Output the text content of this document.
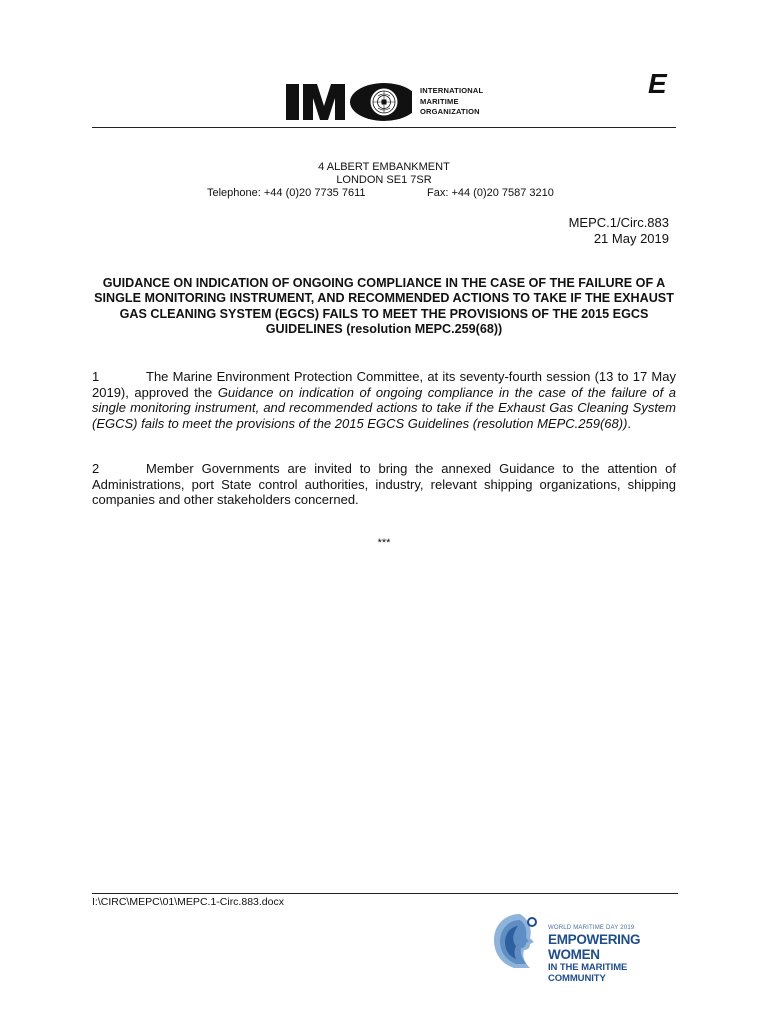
INTERNATIONAL
MARITIME
ORGANIZATION
E
4 ALBERT EMBANKMENT
LONDON SE1 7SR
Telephone: +44 (0)20 7735 7611	Fax: +44 (0)20 7587 3210
MEPC.1/Circ.883
21 May 2019
GUIDANCE ON INDICATION OF ONGOING COMPLIANCE IN THE CASE OF THE FAILURE OF A SINGLE MONITORING INSTRUMENT, AND RECOMMENDED ACTIONS TO TAKE IF THE EXHAUST GAS CLEANING SYSTEM (EGCS) FAILS TO MEET THE PROVISIONS OF THE 2015 EGCS GUIDELINES (resolution MEPC.259(68))
1	The Marine Environment Protection Committee, at its seventy-fourth session (13 to 17 May 2019), approved the Guidance on indication of ongoing compliance in the case of the failure of a single monitoring instrument, and recommended actions to take if the Exhaust Gas Cleaning System (EGCS) fails to meet the provisions of the 2015 EGCS Guidelines (resolution MEPC.259(68)).
2	Member Governments are invited to bring the annexed Guidance to the attention of Administrations, port State control authorities, industry, relevant shipping organizations, shipping companies and other stakeholders concerned.
***
I:\CIRC\MEPC\01\MEPC.1-Circ.883.docx
WORLD MARITIME DAY 2019
EMPOWERING WOMEN
IN THE MARITIME COMMUNITY
